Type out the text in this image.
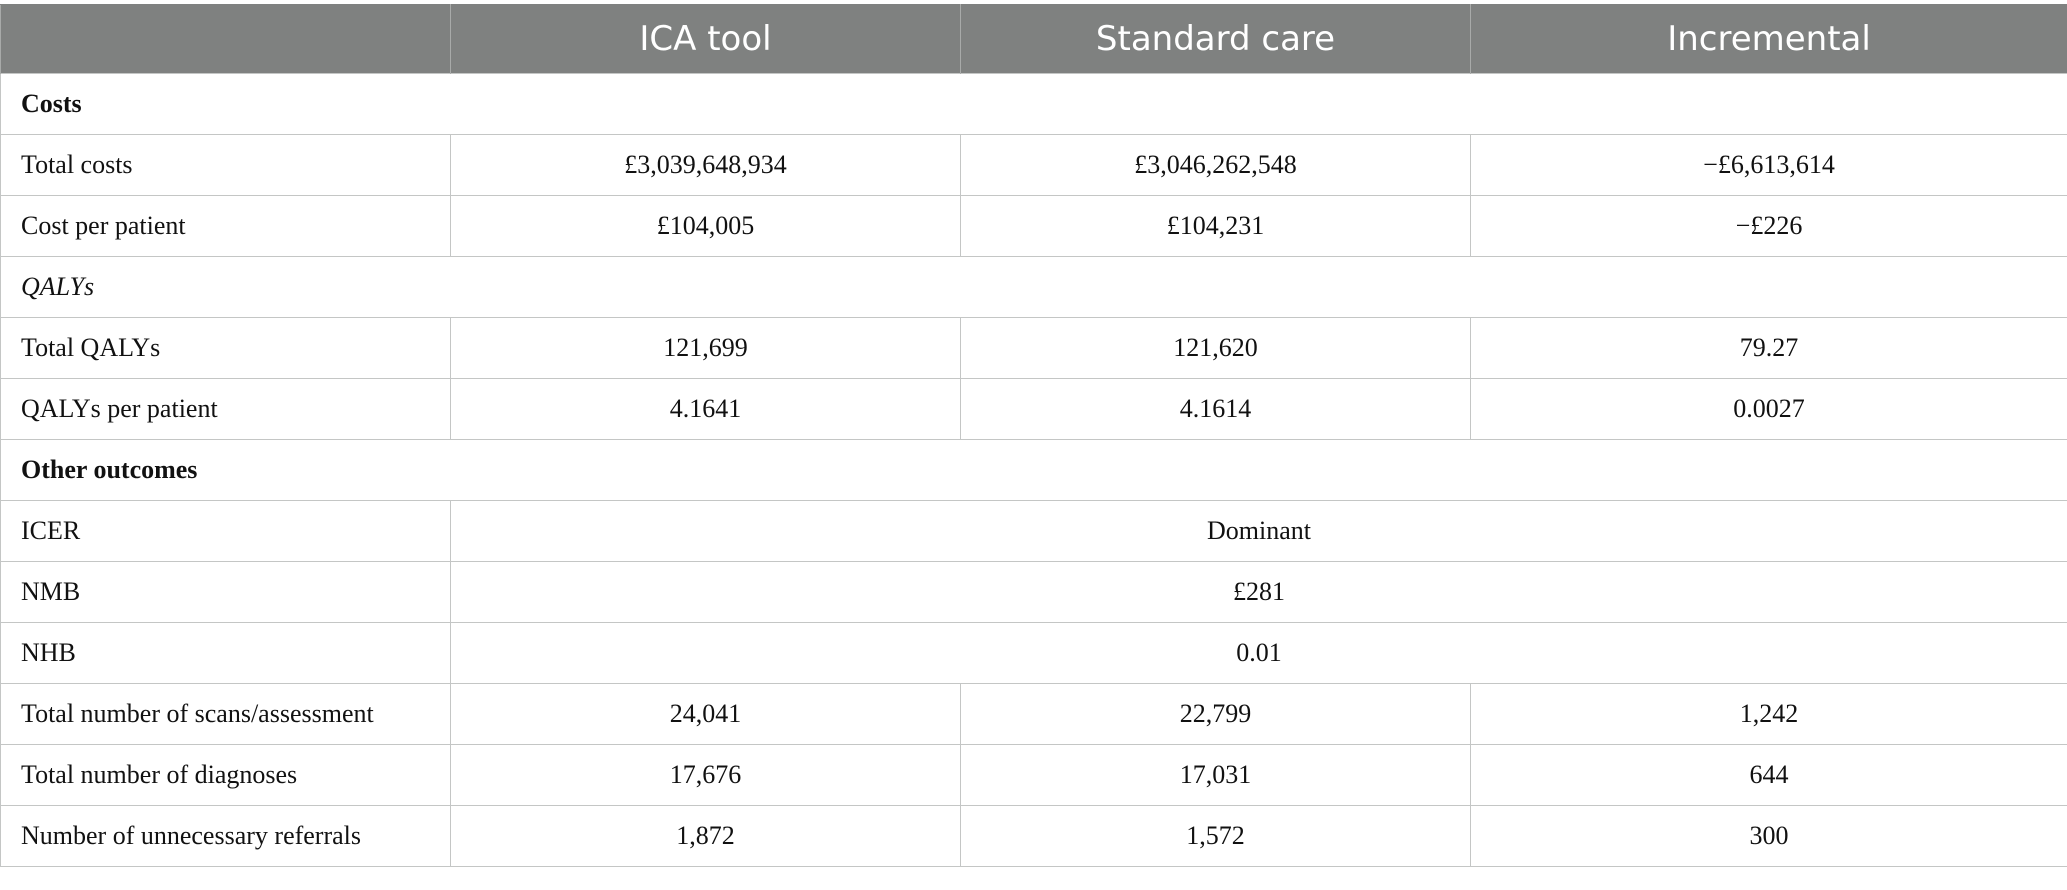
	ICA tool	Standard care	Incremental
Costs			
Total costs	£3,039,648,934	£3,046,262,548	−£6,613,614
Cost per patient	£104,005	£104,231	−£226
QALYs			
Total QALYs	121,699	121,620	79.27
QALYs per patient	4.1641	4.1614	0.0027
Other outcomes			
ICER	Dominant		
NMB	£281		
NHB	0.01		
Total number of scans/assessment	24,041	22,799	1,242
Total number of diagnoses	17,676	17,031	644
Number of unnecessary referrals	1,872	1,572	300
